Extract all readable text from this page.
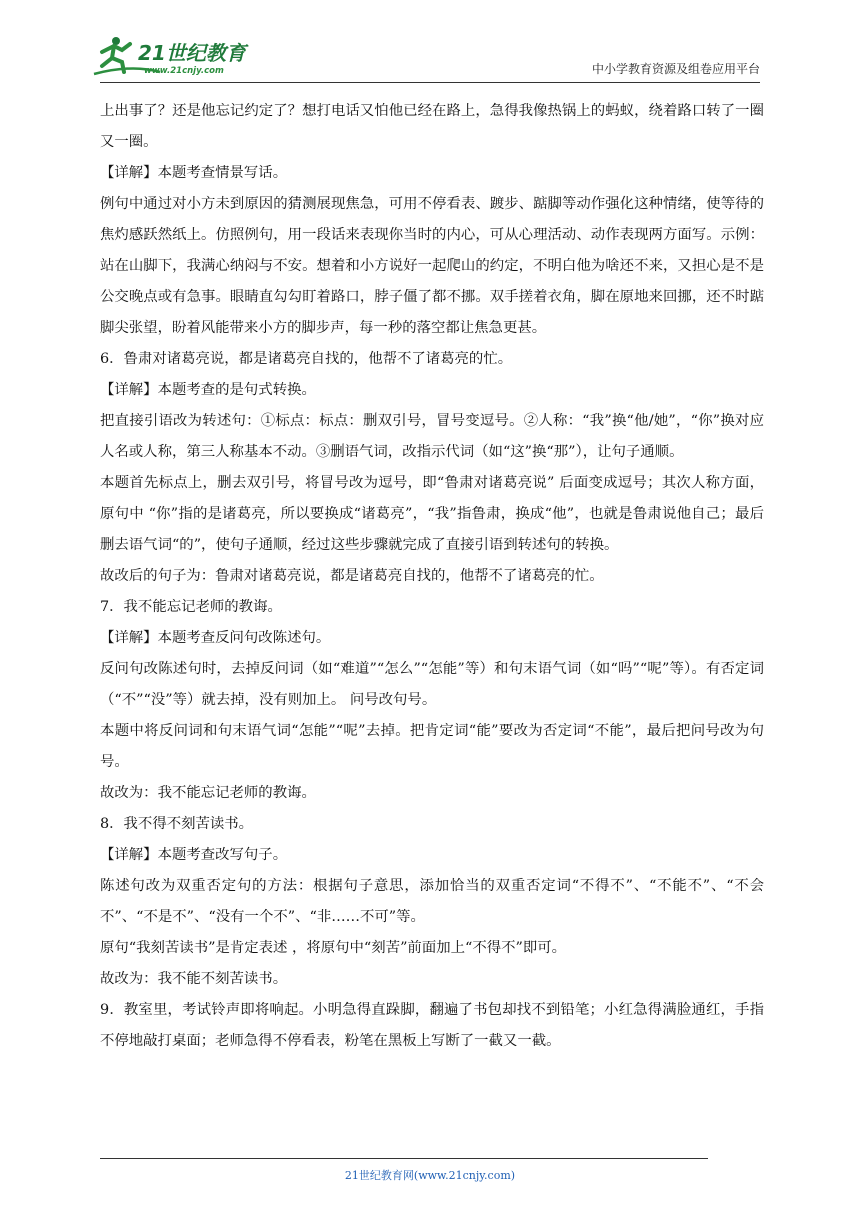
21世纪教育
www.21cnjy.com	中小学教育资源及组卷应用平台

上出事了？还是他忘记约定了？想打电话又怕他已经在路上，急得我像热锅上的蚂蚁，绕着路口转了一圈又一圈。

【详解】本题考查情景写话。

例句中通过对小方未到原因的猜测展现焦急，可用不停看表、踱步、踮脚等动作强化这种情绪，使等待的焦灼感跃然纸上。仿照例句，用一段话来表现你当时的内心，可从心理活动、动作表现两方面写。示例：站在山脚下，我满心纳闷与不安。想着和小方说好一起爬山的约定，不明白他为啥还不来，又担心是不是公交晚点或有急事。眼睛直勾勾盯着路口，脖子僵了都不挪。双手搓着衣角，脚在原地来回挪，还不时踮脚尖张望，盼着风能带来小方的脚步声，每一秒的落空都让焦急更甚。

6．鲁肃对诸葛亮说，都是诸葛亮自找的，他帮不了诸葛亮的忙。

【详解】本题考查的是句式转换。

把直接引语改为转述句：①标点：标点：删双引号，冒号变逗号。②人称：“我”换“他/她”，“你”换对应人名或人称，第三人称基本不动。③删语气词，改指示代词（如“这”换“那”），让句子通顺。

本题首先标点上，删去双引号，将冒号改为逗号，即“鲁肃对诸葛亮说” 后面变成逗号；其次人称方面，原句中 “你”指的是诸葛亮，所以要换成“诸葛亮”，“我”指鲁肃，换成“他”，也就是鲁肃说他自己；最后删去语气词“的”，使句子通顺，经过这些步骤就完成了直接引语到转述句的转换。

故改后的句子为：鲁肃对诸葛亮说，都是诸葛亮自找的，他帮不了诸葛亮的忙。

7．我不能忘记老师的教诲。

【详解】本题考查反问句改陈述句。

反问句改陈述句时，去掉反问词（如“难道”“怎么”“怎能”等）和句末语气词（如“吗”“呢”等）。有否定词（“不”“没”等）就去掉，没有则加上。 问号改句号。

本题中将反问词和句末语气词“怎能”“呢”去掉。把肯定词“能”要改为否定词“不能”，最后把问号改为句号。

故改为：我不能忘记老师的教诲。

8．我不得不刻苦读书。

【详解】本题考查改写句子。

陈述句改为双重否定句的方法：根据句子意思，添加恰当的双重否定词“不得不”、“不能不”、“不会不”、“不是不”、“没有一个不”、“非……不可”等。

原句“我刻苦读书”是肯定表述 ，将原句中“刻苦”前面加上“不得不”即可。

故改为：我不能不刻苦读书。

9．教室里，考试铃声即将响起。小明急得直跺脚，翻遍了书包却找不到铅笔；小红急得满脸通红，手指不停地敲打桌面；老师急得不停看表，粉笔在黑板上写断了一截又一截。

21世纪教育网(www.21cnjy.com)
